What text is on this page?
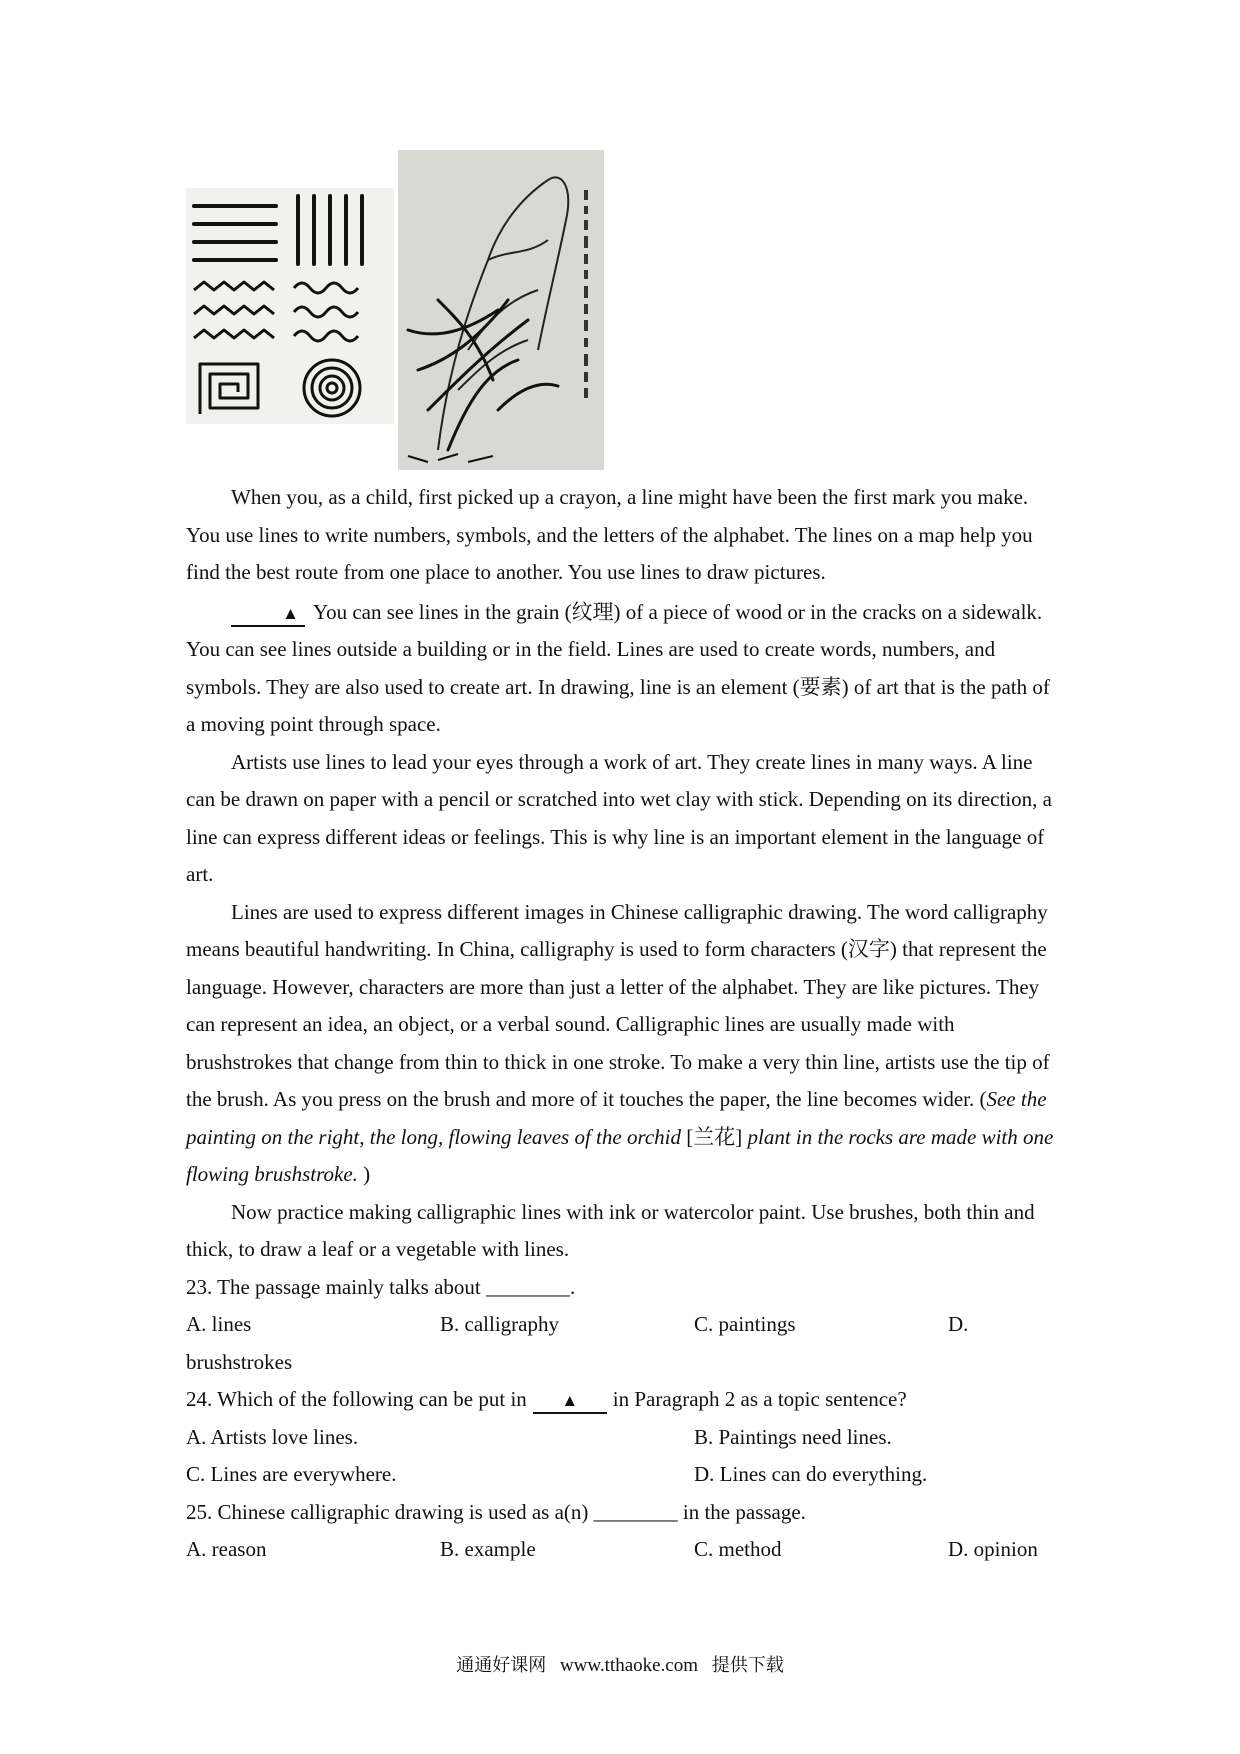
When you, as a child, first picked up a crayon, a line might have been the first mark you make. You use lines to write numbers, symbols, and the letters of the alphabet. The lines on a map help you find the best route from one place to another. You use lines to draw pictures.

▲ You can see lines in the grain (纹理) of a piece of wood or in the cracks on a sidewalk. You can see lines outside a building or in the field. Lines are used to create words, numbers, and symbols. They are also used to create art. In drawing, line is an element (要素) of art that is the path of a moving point through space.

Artists use lines to lead your eyes through a work of art. They create lines in many ways. A line can be drawn on paper with a pencil or scratched into wet clay with stick. Depending on its direction, a line can express different ideas or feelings. This is why line is an important element in the language of art.

Lines are used to express different images in Chinese calligraphic drawing. The word calligraphy means beautiful handwriting. In China, calligraphy is used to form characters (汉字) that represent the language. However, characters are more than just a letter of the alphabet. They are like pictures. They can represent an idea, an object, or a verbal sound. Calligraphic lines are usually made with brushstrokes that change from thin to thick in one stroke. To make a very thin line, artists use the tip of the brush. As you press on the brush and more of it touches the paper, the line becomes wider. (See the painting on the right, the long, flowing leaves of the orchid [兰花] plant in the rocks are made with one flowing brushstroke. )

Now practice making calligraphic lines with ink or watercolor paint. Use brushes, both thin and thick, to draw a leaf or a vegetable with lines.

23. The passage mainly talks about ________.

A. lines	B. calligraphy	C. paintings	D.

brushstrokes

24. Which of the following can be put in ▲ in Paragraph 2 as a topic sentence?

A. Artists love lines.	B. Paintings need lines.
C. Lines are everywhere.	D. Lines can do everything.

25. Chinese calligraphic drawing is used as a(n) ________ in the passage.

A. reason	B. example	C. method	D. opinion
通通好课网 www.tthaoke.com 提供下载
